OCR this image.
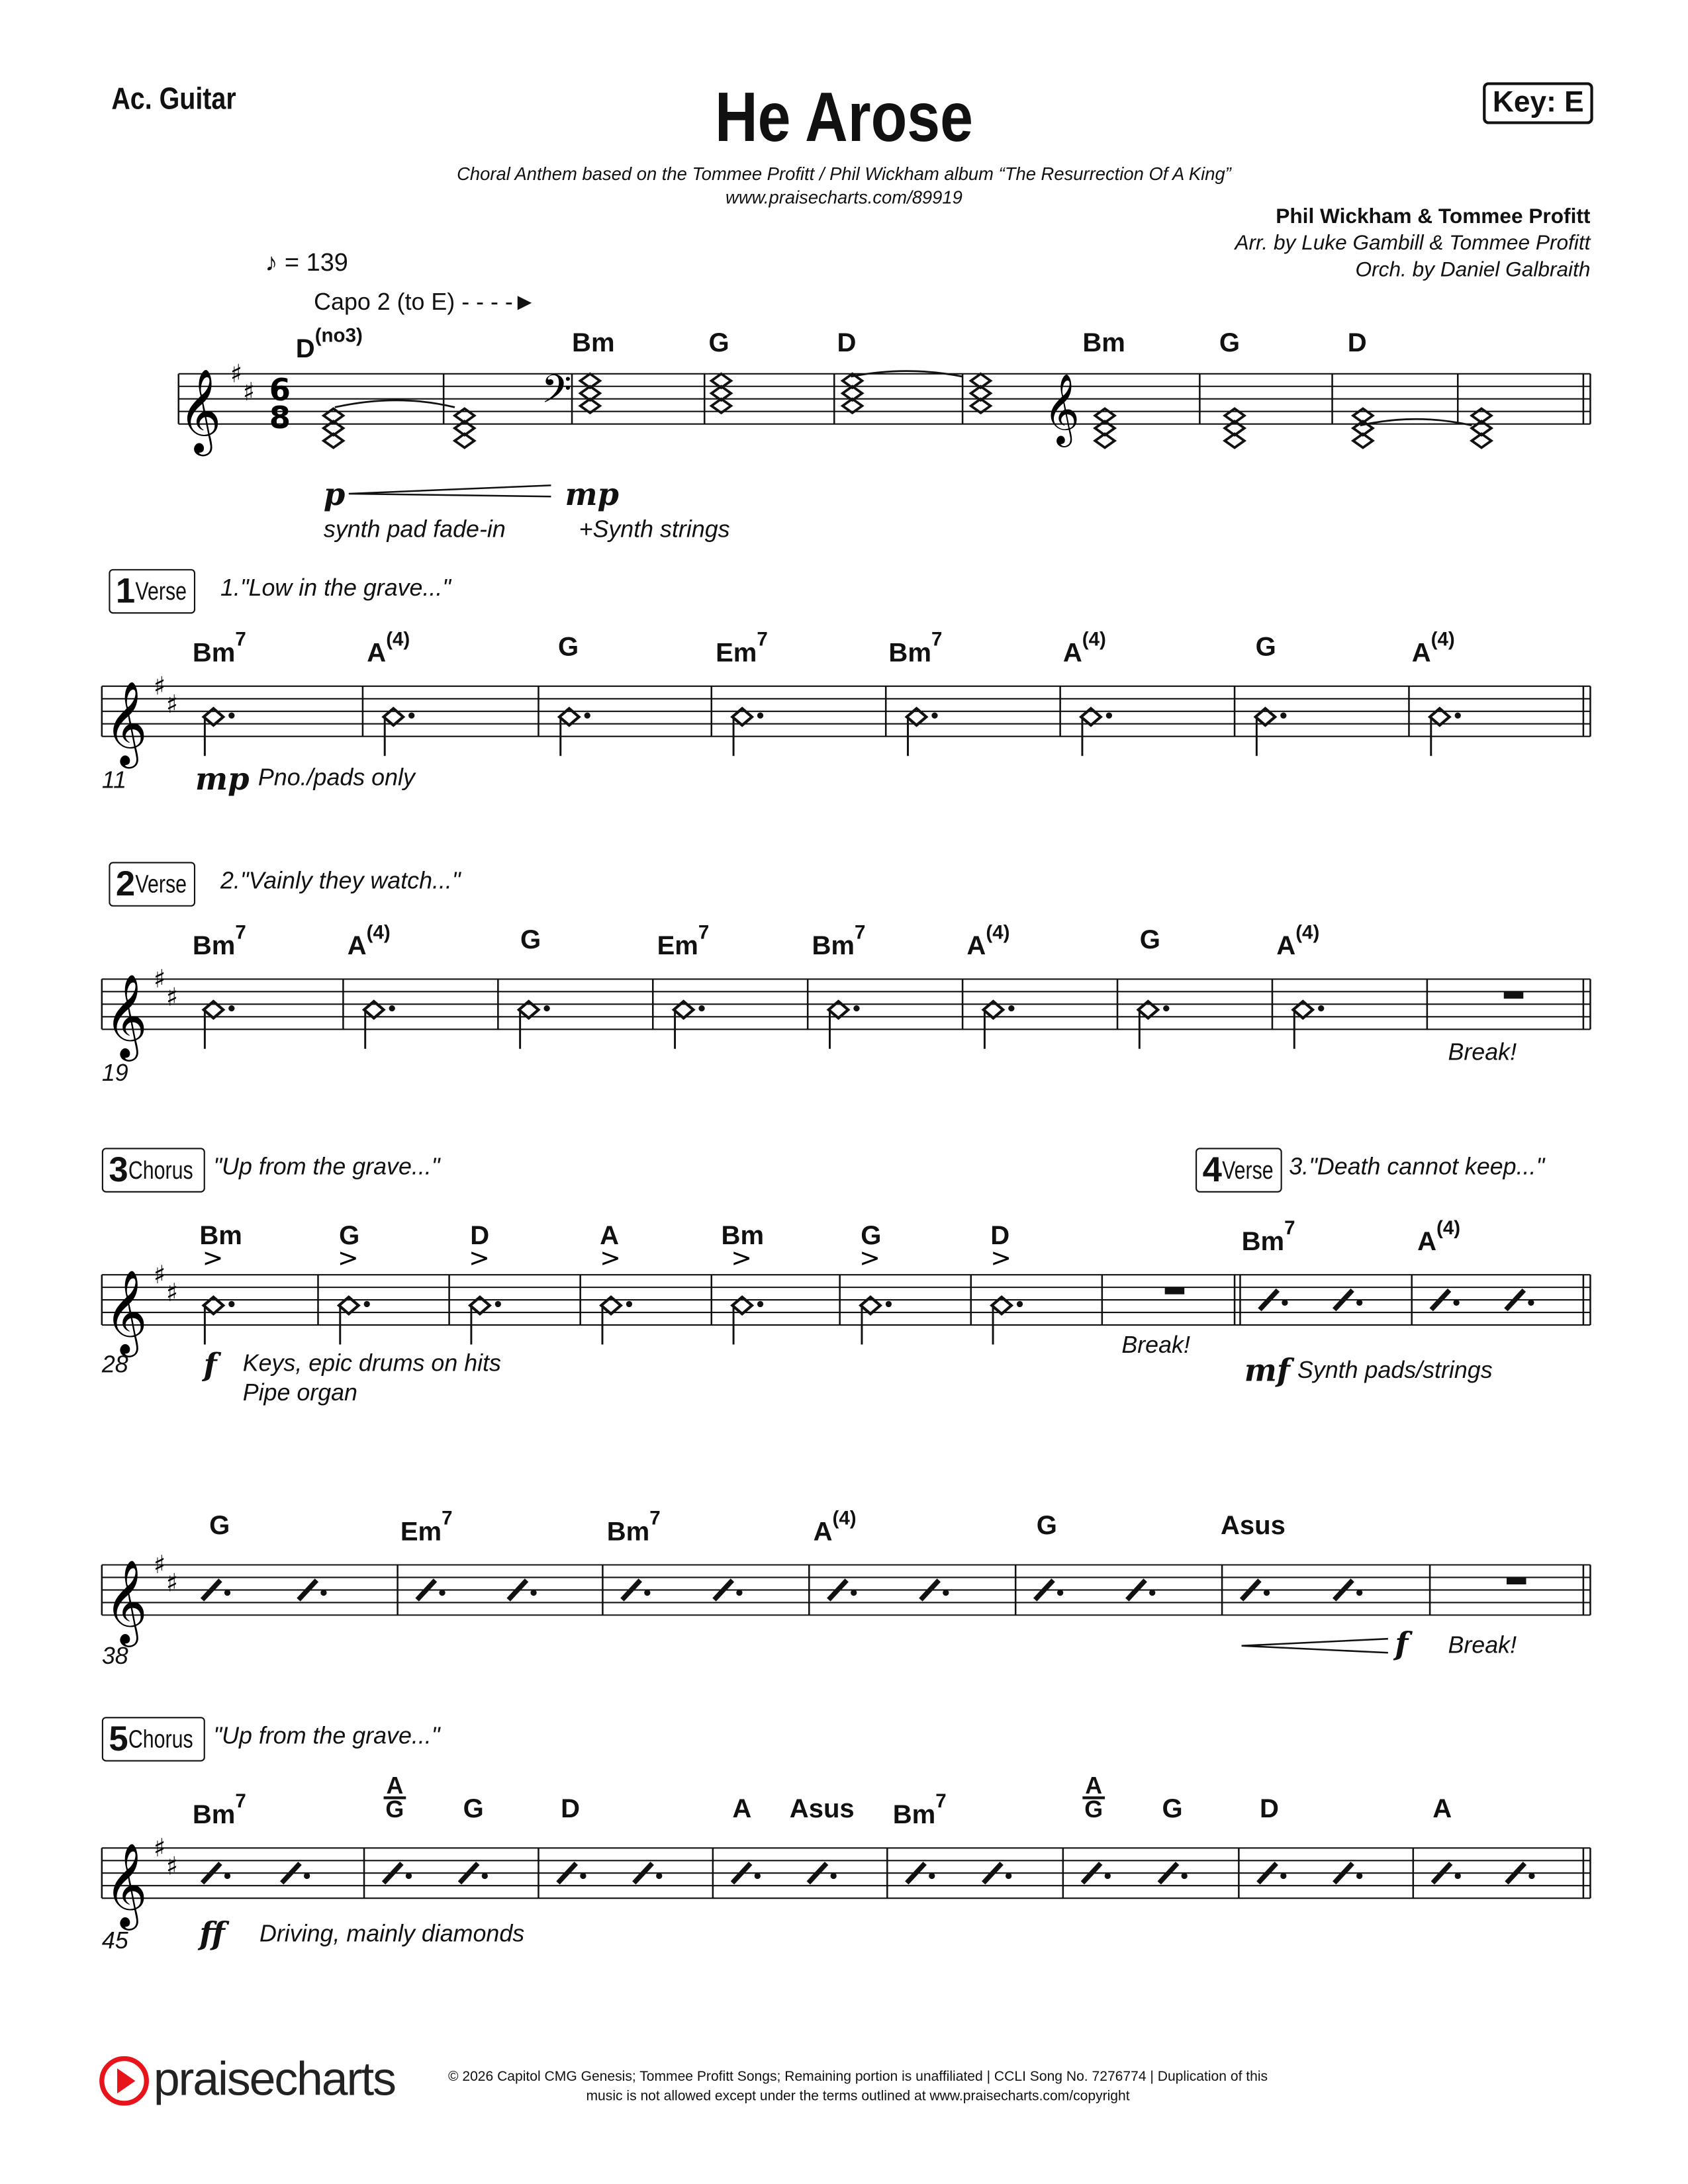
Ac. Guitar	He Arose	Key: E
Choral Anthem based on the Tommee Profitt / Phil Wickham album “The Resurrection Of A King”
www.praisecharts.com/89919
Phil Wickham & Tommee Profitt
Arr. by Luke Gambill & Tommee Profitt
Orch. by Daniel Galbraith
♪ = 139
Capo 2 (to E) - - - -►
𝄞 ♯
♯ 6
8	𝄢	𝄞
𝄞 ♯
♯
𝄞 ♯
♯
𝄞 ♯
♯
>	>	>	>	>	>	>
𝄞 ♯
♯
𝄞 ♯
♯
$D^{(no3)}$	Bm	G	D	Bm	G	D
p	mp
synth pad fade-in	+Synth strings
Bm$^7$
$A^{(4)}$	G	Em$^7$
Bm$^7$
$A^{(4)}$	G	$A^{(4)}$
11
1 Verse	1."Low in the grave..."
mp Pno./pads only
Bm$^7$
$A^{(4)}$	G	Em$^7$
Bm$^7$
$A^{(4)}$	G	$A^{(4)}$
19
2 Verse	2."Vainly they watch..."
Break!
Bm	G	D	A	Bm	G	D	Bm$^7$
$A^{(4)}$
28
3 Chorus "Up from the grave..."	4 Verse 3."Death cannot keep..."
f Keys, epic drums on hits
Pipe organ
Break!
mf Synth pads/strings
G	Em$^7$
Bm$^7$
$A^{(4)}$	G	Asus
38	f	Break!
Bm$^7$
A
G	G	D	A	Asus	Bm$^7$
A
G	G	D	A
45
5 Chorus "Up from the grave..."
ff	Driving, mainly diamonds
praisecharts	© 2026 Capitol CMG Genesis; Tommee Profitt Songs; Remaining portion is unaffiliated | CCLI Song No. 7276774 | Duplication of this
music is not allowed except under the terms outlined at www.praisecharts.com/copyright
